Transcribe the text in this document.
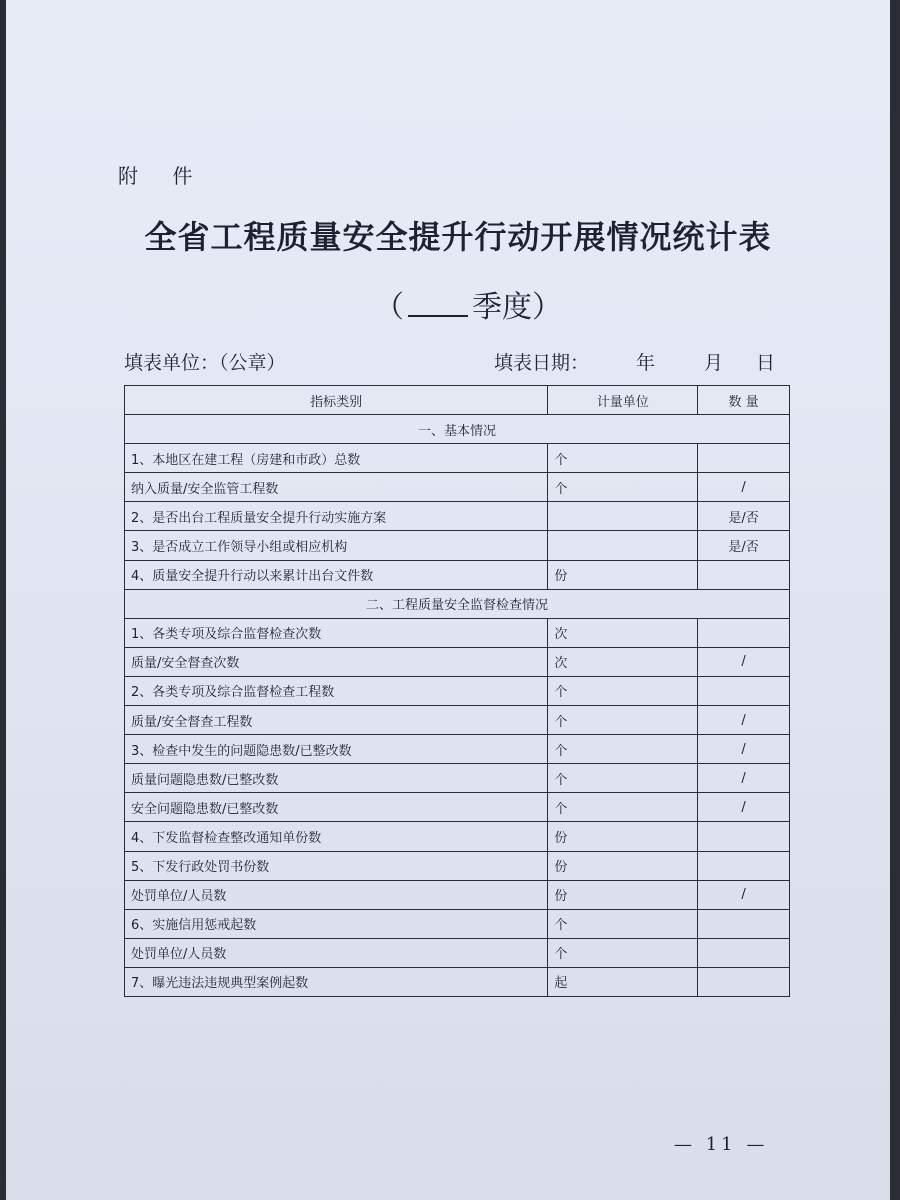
附 件
全省工程质量安全提升行动开展情况统计表
（ 季度）
填表单位：（公章）	填表日期： 年	月 日
指标类别	计量单位	数 量
一、基本情况		
1、本地区在建工程（房建和市政）总数	个	
纳入质量/安全监管工程数	个	/
2、是否出台工程质量安全提升行动实施方案		是/否
3、是否成立工作领导小组或相应机构		是/否
4、质量安全提升行动以来累计出台文件数	份	
二、工程质量安全监督检查情况		
1、各类专项及综合监督检查次数	次	
质量/安全督查次数	次	/
2、各类专项及综合监督检查工程数	个	
质量/安全督查工程数	个	/
3、检查中发生的问题隐患数/已整改数	个	/
质量问题隐患数/已整改数	个	/
安全问题隐患数/已整改数	个	/
4、下发监督检查整改通知单份数	份	
5、下发行政处罚书份数	份	
处罚单位/人员数	份	/
6、实施信用惩戒起数	个	
处罚单位/人员数	个	
7、曝光违法违规典型案例起数	起	
— 11 —
